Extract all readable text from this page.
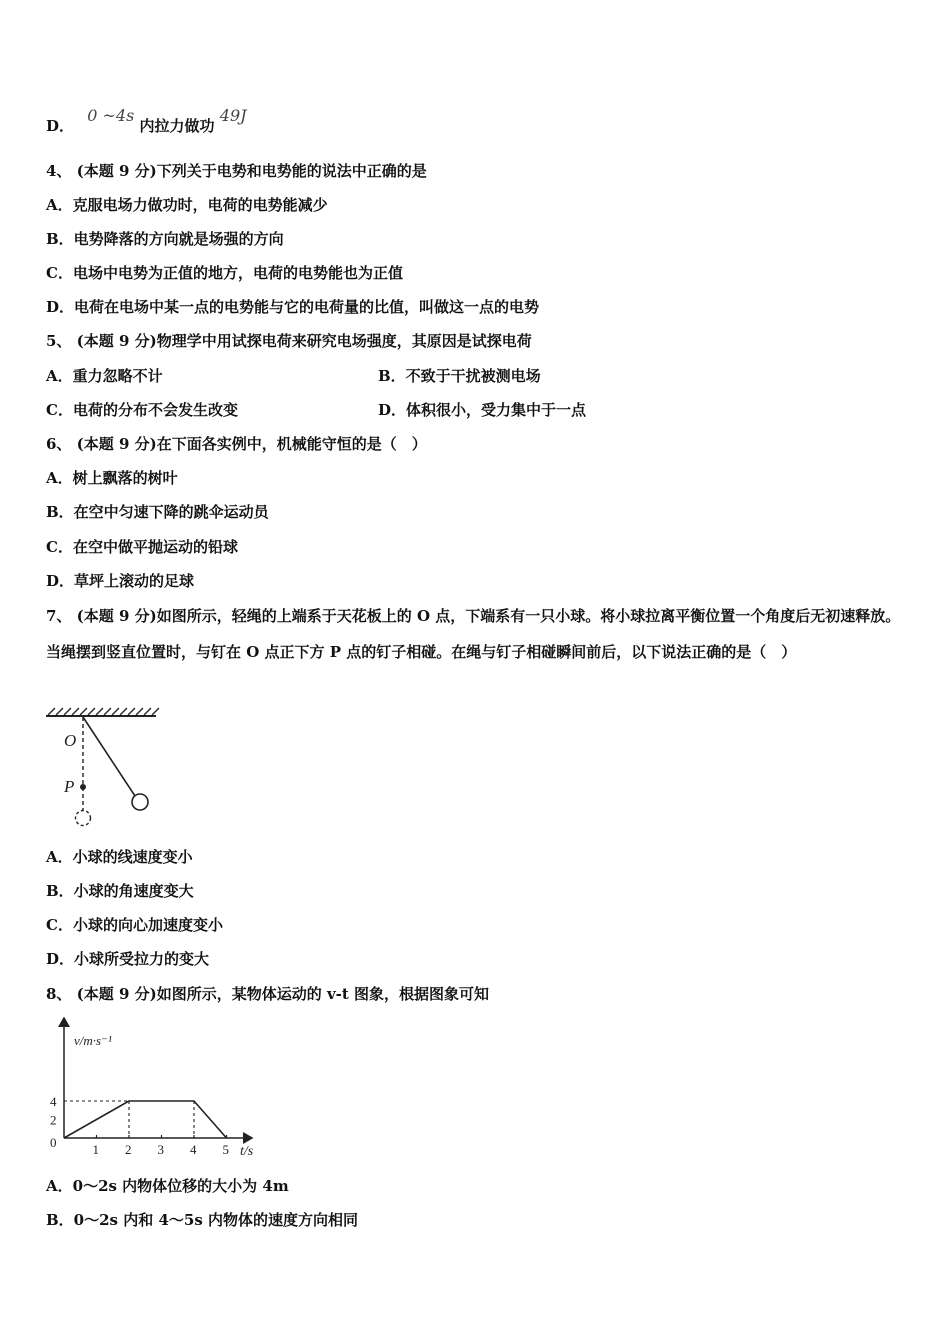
D． 0 ~4s 内拉力做功 49J
4、 (本题 9 分)下列关于电势和电势能的说法中正确的是
A．克服电场力做功时，电荷的电势能减少
B．电势降落的方向就是场强的方向
C．电场中电势为正值的地方，电荷的电势能也为正值
D．电荷在电场中某一点的电势能与它的电荷量的比值，叫做这一点的电势
5、 (本题 9 分)物理学中用试探电荷来研究电场强度，其原因是试探电荷
A．重力忽略不计	B．不致于干扰被测电场
C．电荷的分布不会发生改变	D．体积很小，受力集中于一点
6、 (本题 9 分)在下面各实例中，机械能守恒的是（　）
A．树上飘落的树叶
B．在空中匀速下降的跳伞运动员
C．在空中做平抛运动的铅球
D．草坪上滚动的足球
7、 (本题 9 分)如图所示，轻绳的上端系于天花板上的 O 点，下端系有一只小球。将小球拉离平衡位置一个角度后无初速释放。当绳摆到竖直位置时，与钉在 O 点正下方 P 点的钉子相碰。在绳与钉子相碰瞬间前后，以下说法正确的是（　）
O
P
A．小球的线速度变小
B．小球的角速度变大
C．小球的向心加速度变小
D．小球所受拉力的变大
8、 (本题 9 分)如图所示，某物体运动的 v-t 图象，根据图象可知
v/m·s⁻¹
t/s
0	1 2 3 4 5
2
4
A．0～2s 内物体位移的大小为 4m
B．0～2s 内和 4～5s 内物体的速度方向相同
